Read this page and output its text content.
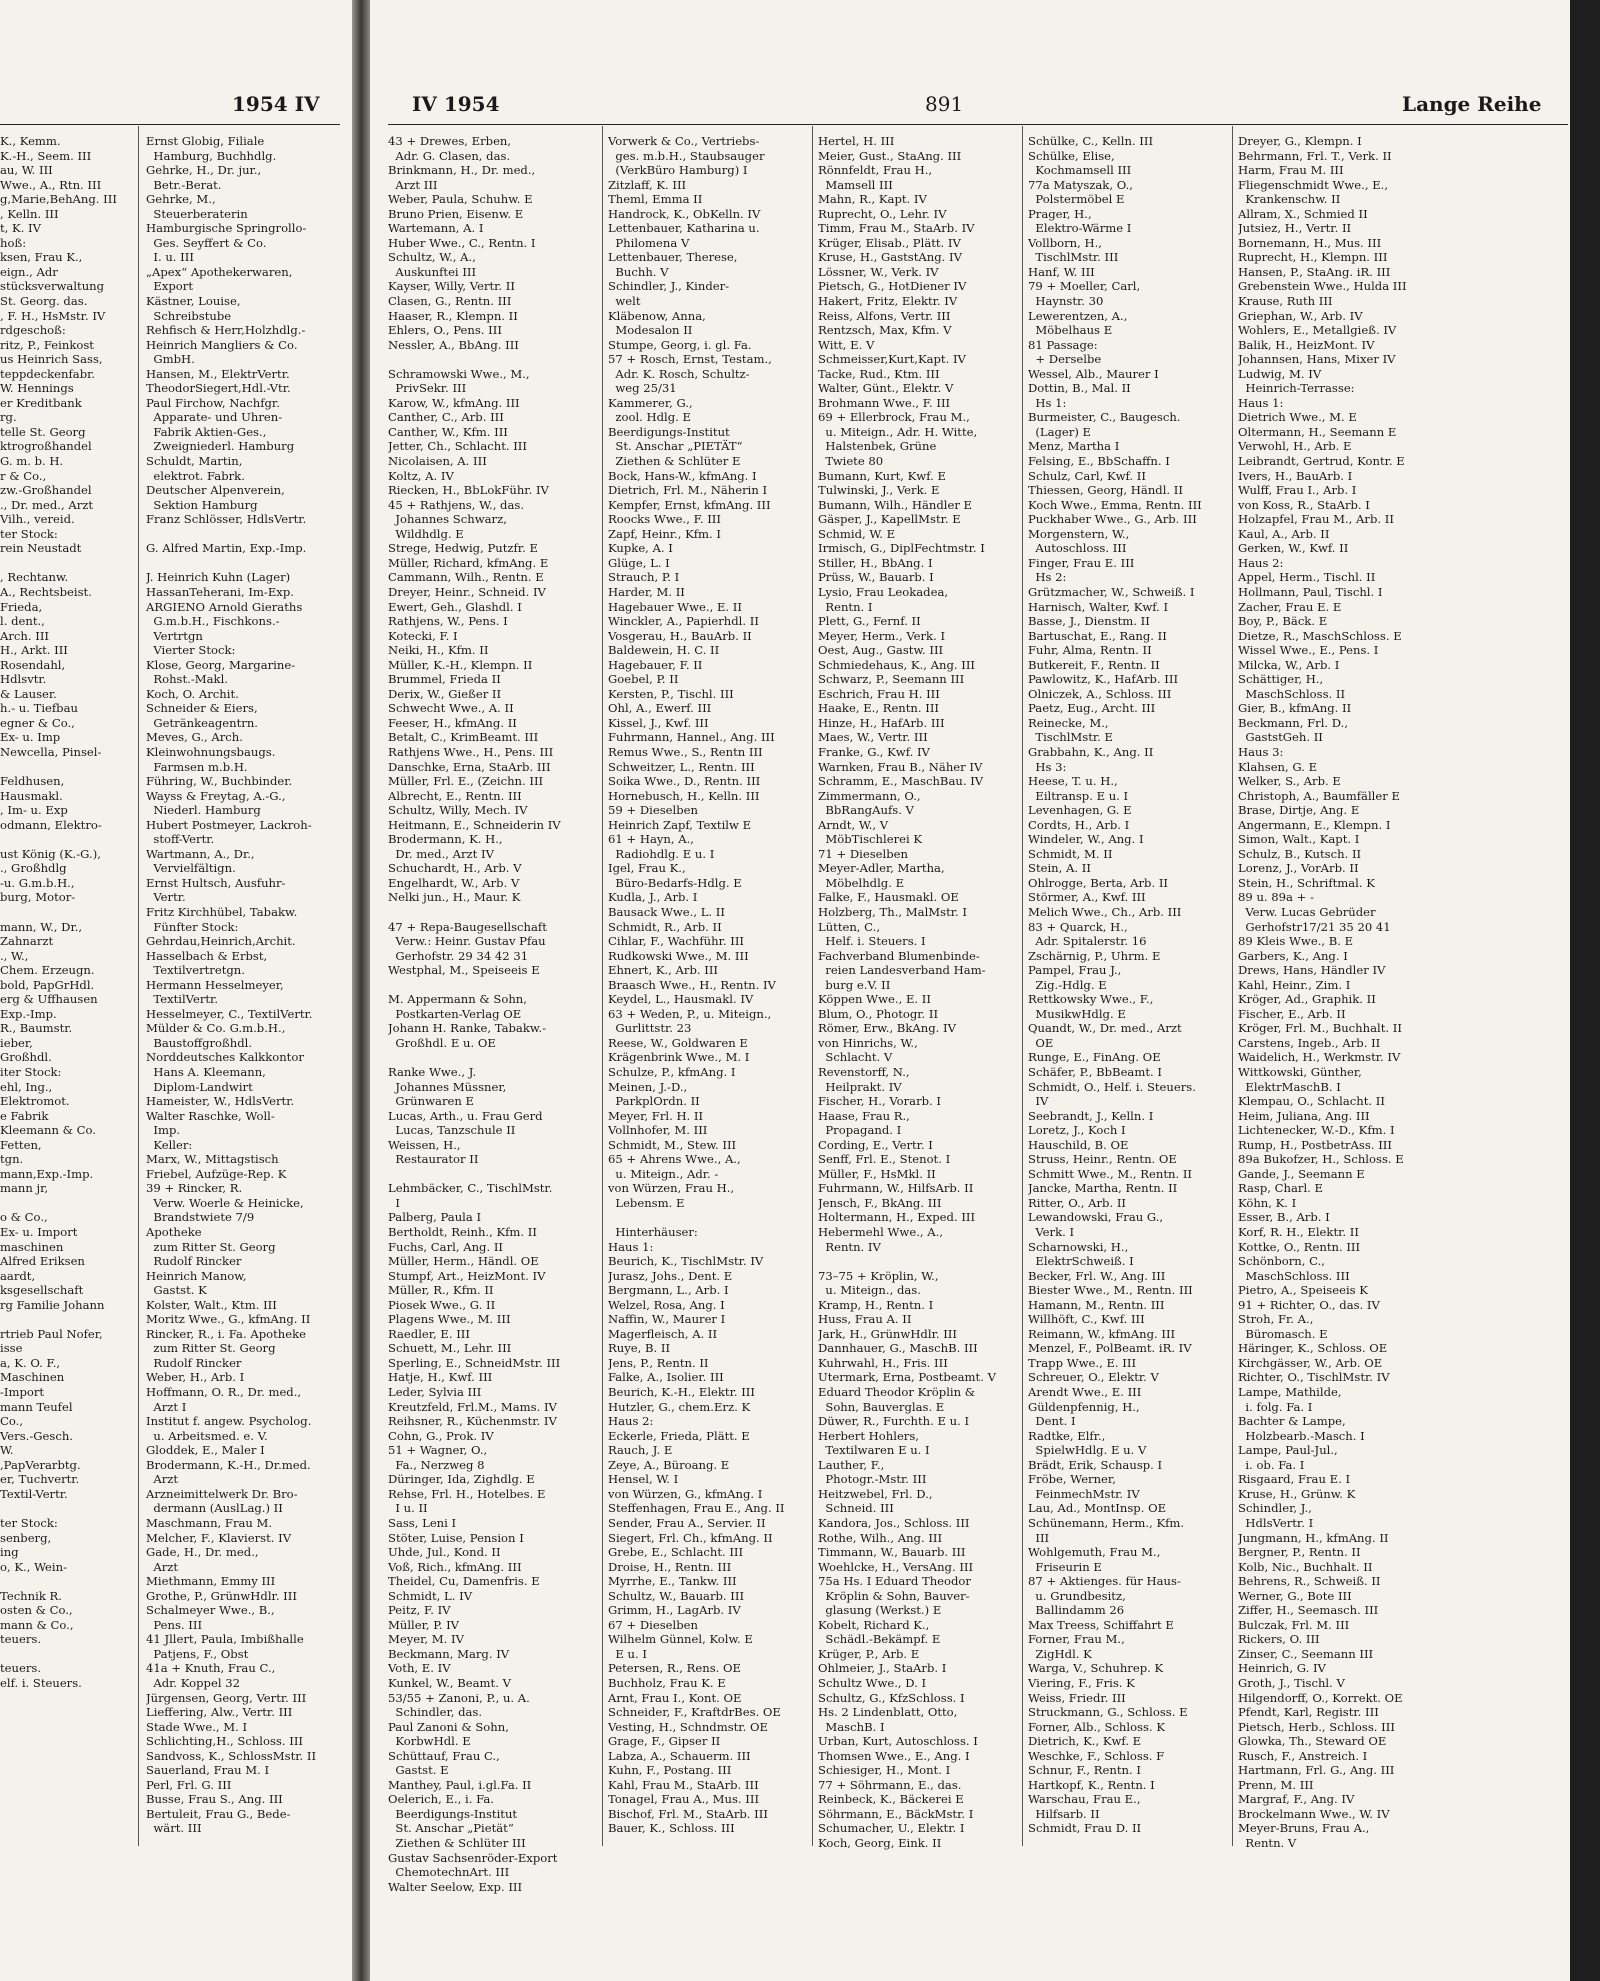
1954 IV
K., Kemm.
K.-H., Seem. III
au, W. III
Wwe., A., Rtn. III
g,Marie,BehAng. III
, Kelln. III
t, K. IV
hoß:
ksen, Frau K.,
eign., Adr
stücksverwaltung
St. Georg. das.
, F. H., HsMstr. IV
rdgeschoß:
ritz, P., Feinkost
us Heinrich Sass,
teppdeckenfabr.
W. Hennings
er Kreditbank
rg.
telle St. Georg
ktrogroßhandel
G. m. b. H.
r & Co.,
zw.-Großhandel
., Dr. med., Arzt
Vilh., vereid.
ter Stock:
rein Neustadt
, Rechtanw.
A., Rechtsbeist.
Frieda,
l. dent.,
Arch. III
H., Arkt. III
Rosendahl,
Hdlsvtr.
& Lauser.
h.- u. Tiefbau
egner & Co.,
Ex- u. Imp
Newcella, Pinsel-
Feldhusen,
Hausmakl.
, Im- u. Exp
odmann, Elektro-
ust König (K.-G.),
., Großhdlg
-u. G.m.b.H.,
burg, Motor-
mann, W., Dr.,
Zahnarzt
., W.,
Chem. Erzeugn.
bold, PapGrHdl.
erg & Uffhausen
Exp.-Imp.
R., Baumstr.
ieber,
Großhdl.
iter Stock:
ehl, Ing.,
Elektromot.
e Fabrik
Kleemann & Co.
Fetten,
tgn.
mann,Exp.-Imp.
mann jr,
o & Co.,
Ex- u. Import
maschinen
Alfred Eriksen
aardt,
ksgesellschaft
rg Familie Johann
rtrieb Paul Nofer,
isse
a, K. O. F.,
Maschinen
-Import
mann Teufel
Co.,
Vers.-Gesch.
W.
,PapVerarbtg.
er, Tuchvertr.
Textil-Vertr.
ter Stock:
senberg,
ing
o, K., Wein-
Technik R.
osten & Co.,
mann & Co.,
teuers.
teuers.
elf. i. Steuers.
Ernst Globig, Filiale
Hamburg, Buchhdlg.
Gehrke, H., Dr. jur.,
Betr.-Berat.
Gehrke, M.,
Steuerberaterin
Hamburgische Springrollo-
Ges. Seyffert & Co.
I. u. III
„Apex“ Apothekerwaren,
Export
Kästner, Louise,
Schreibstube
Rehfisch & Herr,Holzhdlg.-
Heinrich Mangliers & Co.
GmbH.
Hansen, M., ElektrVertr.
TheodorSiegert,Hdl.-Vtr.
Paul Firchow, Nachfgr.
Apparate- und Uhren-
Fabrik Aktien-Ges.,
Zweigniederl. Hamburg
Schuldt, Martin,
elektrot. Fabrk.
Deutscher Alpenverein,
Sektion Hamburg
Franz Schlösser, HdlsVertr.
G. Alfred Martin, Exp.-Imp.
J. Heinrich Kuhn (Lager)
HassanTeherani, Im-Exp.
ARGIENO Arnold Gieraths
G.m.b.H., Fischkons.-
Vertrtgn
Vierter Stock:
Klose, Georg, Margarine-
Rohst.-Makl.
Koch, O. Archit.
Schneider & Eiers,
Getränkeagentrn.
Meves, G., Arch.
Kleinwohnungsbaugs.
Farmsen m.b.H.
Führing, W., Buchbinder.
Wayss & Freytag, A.-G.,
Niederl. Hamburg
Hubert Postmeyer, Lackroh-
stoff-Vertr.
Wartmann, A., Dr.,
Vervielfältign.
Ernst Hultsch, Ausfuhr-
Vertr.
Fritz Kirchhübel, Tabakw.
Fünfter Stock:
Gehrdau,Heinrich,Archit.
Hasselbach & Erbst,
Textilvertretgn.
Hermann Hesselmeyer,
TextilVertr.
Hesselmeyer, C., TextilVertr.
Mülder & Co. G.m.b.H.,
Baustoffgroßhdl.
Norddeutsches Kalkkontor
Hans A. Kleemann,
Diplom-Landwirt
Hameister, W., HdlsVertr.
Walter Raschke, Woll-
Imp.
Keller:
Marx, W., Mittagstisch
Friebel, Aufzüge-Rep. K
39 + Rincker, R.
Verw. Woerle & Heinicke,
Brandstwiete 7/9
Apotheke
zum Ritter St. Georg
Rudolf Rincker
Heinrich Manow,
Gastst. K
Kolster, Walt., Ktm. III
Moritz Wwe., G., kfmAng. II
Rincker, R., i. Fa. Apotheke
zum Ritter St. Georg
Rudolf Rincker
Weber, H., Arb. I
Hoffmann, O. R., Dr. med.,
Arzt I
Institut f. angew. Psycholog.
u. Arbeitsmed. e. V.
Gloddek, E., Maler I
Brodermann, K.-H., Dr.med.
Arzt
Arzneimittelwerk Dr. Bro-
dermann (AuslLag.) II
Maschmann, Frau M.
Melcher, F., Klavierst. IV
Gade, H., Dr. med.,
Arzt
Miethmann, Emmy III
Grothe, P., GrünwHdlr. III
Schalmeyer Wwe., B.,
Pens. III
41 Jllert, Paula, Imbißhalle
Patjens, F., Obst
41a + Knuth, Frau C.,
Adr. Koppel 32
Jürgensen, Georg, Vertr. III
Lieffering, Alw., Vertr. III
Stade Wwe., M. I
Schlichting,H., Schloss. III
Sandvoss, K., SchlossMstr. II
Sauerland, Frau M. I
Perl, Frl. G. III
Busse, Frau S., Ang. III
Bertuleit, Frau G., Bede-
wärt. III
IV 1954	891	Lange Reihe
43 + Drewes, Erben,
Adr. G. Clasen, das.
Brinkmann, H., Dr. med.,
Arzt III
Weber, Paula, Schuhw. E
Bruno Prien, Eisenw. E
Wartemann, A. I
Huber Wwe., C., Rentn. I
Schultz, W., A.,
Auskunftei III
Kayser, Willy, Vertr. II
Clasen, G., Rentn. III
Haaser, R., Klempn. II
Ehlers, O., Pens. III
Nessler, A., BbAng. III
Schramowski Wwe., M.,
PrivSekr. III
Karow, W., kfmAng. III
Canther, C., Arb. III
Canther, W., Kfm. III
Jetter, Ch., Schlacht. III
Nicolaisen, A. III
Koltz, A. IV
Riecken, H., BbLokFühr. IV
45 + Rathjens, W., das.
Johannes Schwarz,
Wildhdlg. E
Strege, Hedwig, Putzfr. E
Müller, Richard, kfmAng. E
Cammann, Wilh., Rentn. E
Dreyer, Heinr., Schneid. IV
Ewert, Geh., Glashdl. I
Rathjens, W., Pens. I
Kotecki, F. I
Neiki, H., Kfm. II
Müller, K.-H., Klempn. II
Brummel, Frieda II
Derix, W., Gießer II
Schwecht Wwe., A. II
Feeser, H., kfmAng. II
Betalt, C., KrimBeamt. III
Rathjens Wwe., H., Pens. III
Danschke, Erna, StaArb. III
Müller, Frl. E., (Zeichn. III
Albrecht, E., Rentn. III
Schultz, Willy, Mech. IV
Heitmann, E., Schneiderin IV
Brodermann, K. H.,
Dr. med., Arzt IV
Schuchardt, H., Arb. V
Engelhardt, W., Arb. V
Nelki jun., H., Maur. K
47 + Repa-Baugesellschaft
Verw.: Heinr. Gustav Pfau
Gerhofstr. 29 34 42 31
Westphal, M., Speiseeis E
M. Appermann & Sohn,
Postkarten-Verlag OE
Johann H. Ranke, Tabakw.-
Großhdl. E u. OE
Ranke Wwe., J.
Johannes Müssner,
Grünwaren E
Lucas, Arth., u. Frau Gerd
Lucas, Tanzschule II
Weissen, H.,
Restaurator II
Lehmbäcker, C., TischlMstr.
I
Palberg, Paula I
Bertholdt, Reinh., Kfm. II
Fuchs, Carl, Ang. II
Müller, Herm., Händl. OE
Stumpf, Art., HeizMont. IV
Müller, R., Kfm. II
Piosek Wwe., G. II
Plagens Wwe., M. III
Raedler, E. III
Schuett, M., Lehr. III
Sperling, E., SchneidMstr. III
Hatje, H., Kwf. III
Leder, Sylvia III
Kreutzfeld, Frl.M., Mams. IV
Reihsner, R., Küchenmstr. IV
Cohn, G., Prok. IV
51 + Wagner, O.,
Fa., Nerzweg 8
Düringer, Ida, Zighdlg. E
Rehse, Frl. H., Hotelbes. E
I u. II
Sass, Leni I
Stöter, Luise, Pension I
Uhde, Jul., Kond. II
Voß, Rich., kfmAng. III
Theidel, Cu, Damenfris. E
Schmidt, L. IV
Peitz, F. IV
Müller, P. IV
Meyer, M. IV
Beckmann, Marg. IV
Voth, E. IV
Kunkel, W., Beamt. V
53/55 + Zanoni, P., u. A.
Schindler, das.
Paul Zanoni & Sohn,
KorbwHdl. E
Schüttauf, Frau C.,
Gastst. E
Manthey, Paul, i.gl.Fa. II
Oelerich, E., i. Fa.
Beerdigungs-Institut
St. Anschar „Pietät“
Ziethen & Schlüter III
Gustav Sachsenröder-Export
ChemotechnArt. III
Walter Seelow, Exp. III
Vorwerk & Co., Vertriebs-
ges. m.b.H., Staubsauger
(VerkBüro Hamburg) I
Zitzlaff, K. III
Theml, Emma II
Handrock, K., ObKelln. IV
Lettenbauer, Katharina u.
Philomena V
Lettenbauer, Therese,
Buchh. V
Schindler, J., Kinder-
welt
Kläbenow, Anna,
Modesalon II
Stumpe, Georg, i. gl. Fa.
57 + Rosch, Ernst, Testam.,
Adr. K. Rosch, Schultz-
weg 25/31
Kammerer, G.,
zool. Hdlg. E
Beerdigungs-Institut
St. Anschar „PIETÄT“
Ziethen & Schlüter E
Bock, Hans-W., kfmAng. I
Dietrich, Frl. M., Näherin I
Kempfer, Ernst, kfmAng. III
Roocks Wwe., F. III
Zapf, Heinr., Kfm. I
Kupke, A. I
Glüge, L. I
Strauch, P. I
Harder, M. II
Hagebauer Wwe., E. II
Winckler, A., Papierhdl. II
Vosgerau, H., BauArb. II
Baldewein, H. C. II
Hagebauer, F. II
Goebel, P. II
Kersten, P., Tischl. III
Ohl, A., Ewerf. III
Kissel, J., Kwf. III
Fuhrmann, Hannel., Ang. III
Remus Wwe., S., Rentn III
Schweitzer, L., Rentn. III
Soika Wwe., D., Rentn. III
Hornebusch, H., Kelln. III
59 + Dieselben
Heinrich Zapf, Textilw E
61 + Hayn, A.,
Radiohdlg. E u. I
Igel, Frau K.,
Büro-Bedarfs-Hdlg. E
Kudla, J., Arb. I
Bausack Wwe., L. II
Schmidt, R., Arb. II
Cihlar, F., Wachführ. III
Rudkowski Wwe., M. III
Ehnert, K., Arb. III
Braasch Wwe., H., Rentn. IV
Keydel, L., Hausmakl. IV
63 + Weden, P., u. Miteign.,
Gurlittstr. 23
Reese, W., Goldwaren E
Krägenbrink Wwe., M. I
Schulze, P., kfmAng. I
Meinen, J.-D.,
ParkplOrdn. II
Meyer, Frl. H. II
Vollnhofer, M. III
Schmidt, M., Stew. III
65 + Ahrens Wwe., A.,
u. Miteign., Adr. -
von Würzen, Frau H.,
Lebensm. E
Hinterhäuser:
Haus 1:
Beurich, K., TischlMstr. IV
Jurasz, Johs., Dent. E
Bergmann, L., Arb. I
Welzel, Rosa, Ang. I
Naffin, W., Maurer I
Magerfleisch, A. II
Ruye, B. II
Jens, P., Rentn. II
Falke, A., Isolier. III
Beurich, K.-H., Elektr. III
Hutzler, G., chem.Erz. K
Haus 2:
Eckerle, Frieda, Plätt. E
Rauch, J. E
Zeye, A., Büroang. E
Hensel, W. I
von Würzen, G., kfmAng. I
Steffenhagen, Frau E., Ang. II
Sender, Frau A., Servier. II
Siegert, Frl. Ch., kfmAng. II
Grebe, E., Schlacht. III
Droise, H., Rentn. III
Myrrhe, E., Tankw. III
Schultz, W., Bauarb. III
Grimm, H., LagArb. IV
67 + Dieselben
Wilhelm Günnel, Kolw. E
E u. I
Petersen, R., Rens. OE
Buchholz, Frau K. E
Arnt, Frau I., Kont. OE
Schneider, F., KraftdrBes. OE
Vesting, H., Schndmstr. OE
Grage, F., Gipser II
Labza, A., Schauerm. III
Kuhn, F., Postang. III
Kahl, Frau M., StaArb. III
Tonagel, Frau A., Mus. III
Bischof, Frl. M., StaArb. III
Bauer, K., Schloss. III
Hertel, H. III
Meier, Gust., StaAng. III
Rönnfeldt, Frau H.,
Mamsell III
Mahn, R., Kapt. IV
Ruprecht, O., Lehr. IV
Timm, Frau M., StaArb. IV
Krüger, Elisab., Plätt. IV
Kruse, H., GaststAng. IV
Lössner, W., Verk. IV
Pietsch, G., HotDiener IV
Hakert, Fritz, Elektr. IV
Reiss, Alfons, Vertr. III
Rentzsch, Max, Kfm. V
Witt, E. V
Schmeisser,Kurt,Kapt. IV
Tacke, Rud., Ktm. III
Walter, Günt., Elektr. V
Brohmann Wwe., F. III
69 + Ellerbrock, Frau M.,
u. Miteign., Adr. H. Witte,
Halstenbek, Grüne
Twiete 80
Bumann, Kurt, Kwf. E
Tulwinski, J., Verk. E
Bumann, Wilh., Händler E
Gäsper, J., KapellMstr. E
Schmid, W. E
Irmisch, G., DiplFechtmstr. I
Stiller, H., BbAng. I
Prüss, W., Bauarb. I
Lysio, Frau Leokadea,
Rentn. I
Plett, G., Fernf. II
Meyer, Herm., Verk. I
Oest, Aug., Gastw. III
Schmiedehaus, K., Ang. III
Schwarz, P., Seemann III
Eschrich, Frau H. III
Haake, E., Rentn. III
Hinze, H., HafArb. III
Maes, W., Vertr. III
Franke, G., Kwf. IV
Warnken, Frau B., Näher IV
Schramm, E., MaschBau. IV
Zimmermann, O.,
BbRangAufs. V
Arndt, W., V
MöbTischlerei K
71 + Dieselben
Meyer-Adler, Martha,
Möbelhdlg. E
Falke, F., Hausmakl. OE
Holzberg, Th., MalMstr. I
Lütten, C.,
Helf. i. Steuers. I
Fachverband Blumenbinde-
reien Landesverband Ham-
burg e.V. II
Köppen Wwe., E. II
Blum, O., Photogr. II
Römer, Erw., BkAng. IV
von Hinrichs, W.,
Schlacht. V
Revenstorff, N.,
Heilprakt. IV
Fischer, H., Vorarb. I
Haase, Frau R.,
Propagand. I
Cording, E., Vertr. I
Senff, Frl. E., Stenot. I
Müller, F., HsMkl. II
Fuhrmann, W., HilfsArb. II
Jensch, F., BkAng. III
Holtermann, H., Exped. III
Hebermehl Wwe., A.,
Rentn. IV
73–75 + Kröplin, W.,
u. Miteign., das.
Kramp, H., Rentn. I
Huss, Frau A. II
Jark, H., GrünwHdlr. III
Dannhauer, G., MaschB. III
Kuhrwahl, H., Fris. III
Utermark, Erna, Postbeamt. V
Eduard Theodor Kröplin &
Sohn, Bauverglas. E
Düwer, R., Furchth. E u. I
Herbert Hohlers,
Textilwaren E u. I
Lauther, F.,
Photogr.-Mstr. III
Heitzwebel, Frl. D.,
Schneid. III
Kandora, Jos., Schloss. III
Rothe, Wilh., Ang. III
Timmann, W., Bauarb. III
Woehlcke, H., VersAng. III
75a Hs. I Eduard Theodor
Kröplin & Sohn, Bauver-
glasung (Werkst.) E
Kobelt, Richard K.,
Schädl.-Bekämpf. E
Krüger, P., Arb. E
Ohlmeier, J., StaArb. I
Schultz Wwe., D. I
Schultz, G., KfzSchloss. I
Hs. 2 Lindenblatt, Otto,
MaschB. I
Urban, Kurt, Autoschloss. I
Thomsen Wwe., E., Ang. I
Schiesiger, H., Mont. I
77 + Söhrmann, E., das.
Reinbeck, K., Bäckerei E
Söhrmann, E., BäckMstr. I
Schumacher, U., Elektr. I
Koch, Georg, Eink. II
Schülke, C., Kelln. III
Schülke, Elise,
Kochmamsell III
77a Matyszak, O.,
Polstermöbel E
Prager, H.,
Elektro-Wärme I
Vollborn, H.,
TischlMstr. III
Hanf, W. III
79 + Moeller, Carl,
Haynstr. 30
Lewerentzen, A.,
Möbelhaus E
81 Passage:
+ Derselbe
Wessel, Alb., Maurer I
Dottin, B., Mal. II
Hs 1:
Burmeister, C., Baugesch.
(Lager) E
Menz, Martha I
Felsing, E., BbSchaffn. I
Schulz, Carl, Kwf. II
Thiessen, Georg, Händl. II
Koch Wwe., Emma, Rentn. III
Puckhaber Wwe., G., Arb. III
Morgenstern, W.,
Autoschloss. III
Finger, Frau E. III
Hs 2:
Grützmacher, W., Schweiß. I
Harnisch, Walter, Kwf. I
Basse, J., Dienstm. II
Bartuschat, E., Rang. II
Fuhr, Alma, Rentn. II
Butkereit, F., Rentn. II
Pawlowitz, K., HafArb. III
Olniczek, A., Schloss. III
Paetz, Eug., Archt. III
Reinecke, M.,
TischlMstr. E
Grabbahn, K., Ang. II
Hs 3:
Heese, T. u. H.,
Eiltransp. E u. I
Levenhagen, G. E
Cordts, H., Arb. I
Windeler, W., Ang. I
Schmidt, M. II
Stein, A. II
Ohlrogge, Berta, Arb. II
Störmer, A., Kwf. III
Melich Wwe., Ch., Arb. III
83 + Quarck, H.,
Adr. Spitalerstr. 16
Zschärnig, P., Uhrm. E
Pampel, Frau J.,
Zig.-Hdlg. E
Rettkowsky Wwe., F.,
MusikwHdlg. E
Quandt, W., Dr. med., Arzt
OE
Runge, E., FinAng. OE
Schäfer, P., BbBeamt. I
Schmidt, O., Helf. i. Steuers.
IV
Seebrandt, J., Kelln. I
Loretz, J., Koch I
Hauschild, B. OE
Struss, Heinr., Rentn. OE
Schmitt Wwe., M., Rentn. II
Jancke, Martha, Rentn. II
Ritter, O., Arb. II
Lewandowski, Frau G.,
Verk. I
Scharnowski, H.,
ElektrSchweiß. I
Becker, Frl. W., Ang. III
Biester Wwe., M., Rentn. III
Hamann, M., Rentn. III
Willhöft, C., Kwf. III
Reimann, W., kfmAng. III
Menzel, F., PolBeamt. iR. IV
Trapp Wwe., E. III
Schreuer, O., Elektr. V
Arendt Wwe., E. III
Güldenpfennig, H.,
Dent. I
Radtke, Elfr.,
SpielwHdlg. E u. V
Brädt, Erik, Schausp. I
Fröbe, Werner,
FeinmechMstr. IV
Lau, Ad., MontInsp. OE
Schünemann, Herm., Kfm.
III
Wohlgemuth, Frau M.,
Friseurin E
87 + Aktienges. für Haus-
u. Grundbesitz,
Ballindamm 26
Max Treess, Schiffahrt E
Forner, Frau M.,
ZigHdl. K
Warga, V., Schuhrep. K
Viering, F., Fris. K
Weiss, Friedr. III
Struckmann, G., Schloss. E
Forner, Alb., Schloss. K
Dietrich, K., Kwf. E
Weschke, F., Schloss. F
Schnur, F., Rentn. I
Hartkopf, K., Rentn. I
Warschau, Frau E.,
Hilfsarb. II
Schmidt, Frau D. II
Dreyer, G., Klempn. I
Behrmann, Frl. T., Verk. II
Harm, Frau M. III
Fliegenschmidt Wwe., E.,
Krankenschw. II
Allram, X., Schmied II
Jutsiez, H., Vertr. II
Bornemann, H., Mus. III
Ruprecht, H., Klempn. III
Hansen, P., StaAng. iR. III
Grebenstein Wwe., Hulda III
Krause, Ruth III
Griephan, W., Arb. IV
Wohlers, E., Metallgieß. IV
Balik, H., HeizMont. IV
Johannsen, Hans, Mixer IV
Ludwig, M. IV
Heinrich-Terrasse:
Haus 1:
Dietrich Wwe., M. E
Oltermann, H., Seemann E
Verwohl, H., Arb. E
Leibrandt, Gertrud, Kontr. E
Ivers, H., BauArb. I
Wulff, Frau I., Arb. I
von Koss, R., StaArb. I
Holzapfel, Frau M., Arb. II
Kaul, A., Arb. II
Gerken, W., Kwf. II
Haus 2:
Appel, Herm., Tischl. II
Hollmann, Paul, Tischl. I
Zacher, Frau E. E
Boy, P., Bäck. E
Dietze, R., MaschSchloss. E
Wissel Wwe., E., Pens. I
Milcka, W., Arb. I
Schättiger, H.,
MaschSchloss. II
Gier, B., kfmAng. II
Beckmann, Frl. D.,
GaststGeh. II
Haus 3:
Klahsen, G. E
Welker, S., Arb. E
Christoph, A., Baumfäller E
Brase, Dirtje, Ang. E
Angermann, E., Klempn. I
Simon, Walt., Kapt. I
Schulz, B., Kutsch. II
Lorenz, J., VorArb. II
Stein, H., Schriftmal. K
89 u. 89a + -
Verw. Lucas Gebrüder
Gerhofstr17/21 35 20 41
89 Kleis Wwe., B. E
Garbers, K., Ang. I
Drews, Hans, Händler IV
Kahl, Heinr., Zim. I
Kröger, Ad., Graphik. II
Fischer, E., Arb. II
Kröger, Frl. M., Buchhalt. II
Carstens, Ingeb., Arb. II
Waidelich, H., Werkmstr. IV
Wittkowski, Günther,
ElektrMaschB. I
Klempau, O., Schlacht. II
Heim, Juliana, Ang. III
Lichtenecker, W.-D., Kfm. I
Rump, H., PostbetrAss. III
89a Bukofzer, H., Schloss. E
Gande, J., Seemann E
Rasp, Charl. E
Köhn, K. I
Esser, B., Arb. I
Korf, R. H., Elektr. II
Kottke, O., Rentn. III
Schönborn, C.,
MaschSchloss. III
Pietro, A., Speiseeis K
91 + Richter, O., das. IV
Stroh, Fr. A.,
Büromasch. E
Häringer, K., Schloss. OE
Kirchgässer, W., Arb. OE
Richter, O., TischlMstr. IV
Lampe, Mathilde,
i. folg. Fa. I
Bachter & Lampe,
Holzbearb.-Masch. I
Lampe, Paul-Jul.,
i. ob. Fa. I
Risgaard, Frau E. I
Kruse, H., Grünw. K
Schindler, J.,
HdlsVertr. I
Jungmann, H., kfmAng. II
Bergner, P., Rentn. II
Kolb, Nic., Buchhalt. II
Behrens, R., Schweiß. II
Werner, G., Bote III
Ziffer, H., Seemasch. III
Bulczak, Frl. M. III
Rickers, O. III
Zinser, C., Seemann III
Heinrich, G. IV
Groth, J., Tischl. V
Hilgendorff, O., Korrekt. OE
Pfendt, Karl, Registr. III
Pietsch, Herb., Schloss. III
Glowka, Th., Steward OE
Rusch, F., Anstreich. I
Hartmann, Frl. G., Ang. III
Prenn, M. III
Margraf, F., Ang. IV
Brockelmann Wwe., W. IV
Meyer-Bruns, Frau A.,
Rentn. V
